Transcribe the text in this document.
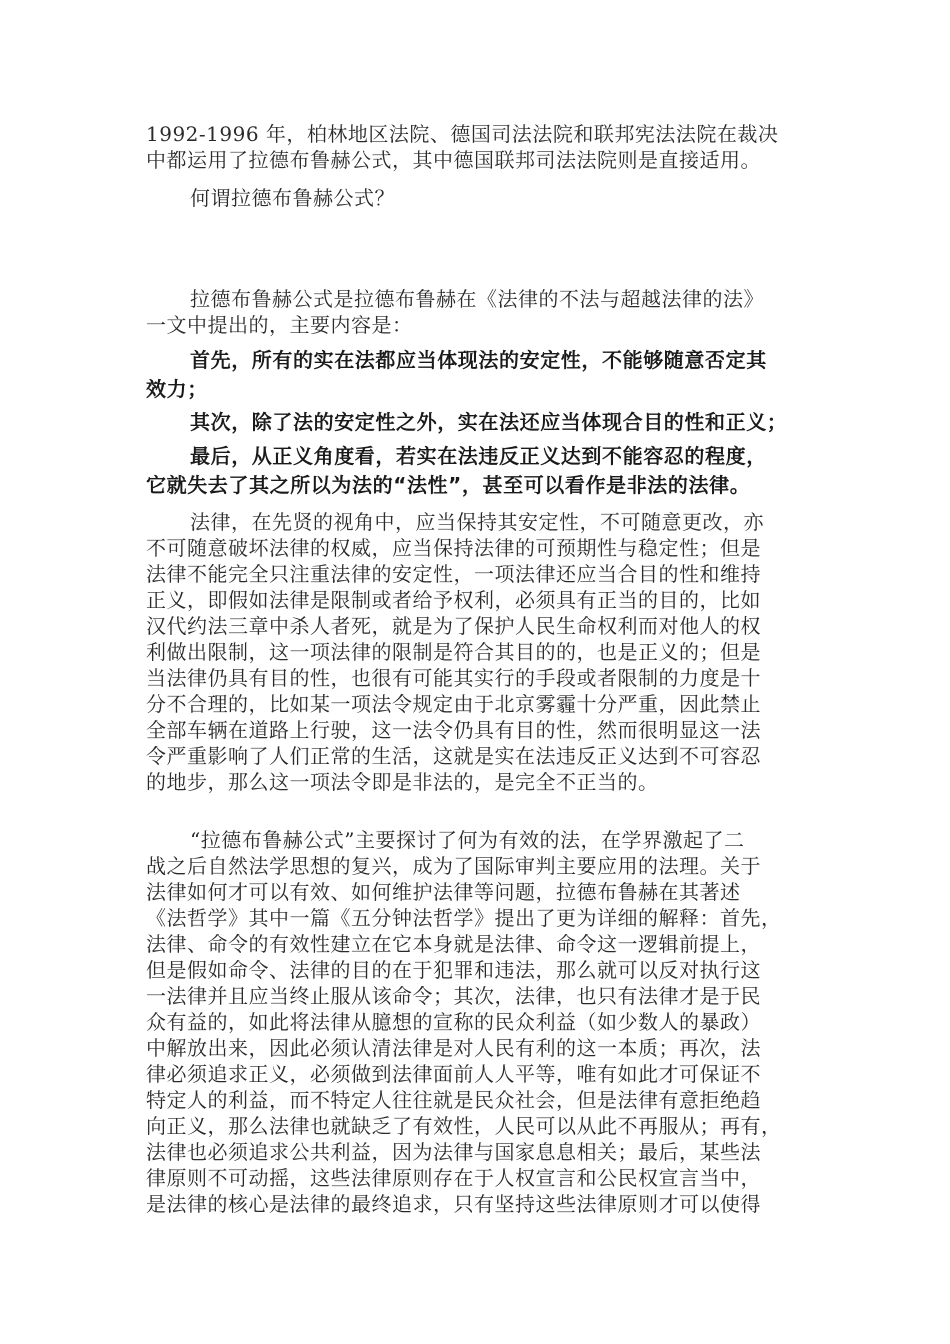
1992-1996 年，柏林地区法院、德国司法法院和联邦宪法法院在裁决
中都运用了拉德布鲁赫公式，其中德国联邦司法法院则是直接适用。
何谓拉德布鲁赫公式？
拉德布鲁赫公式是拉德布鲁赫在《法律的不法与超越法律的法》
一文中提出的，主要内容是：
首先，所有的实在法都应当体现法的安定性，不能够随意否定其
效力；
其次，除了法的安定性之外，实在法还应当体现合目的性和正义；
最后，从正义角度看，若实在法违反正义达到不能容忍的程度，
它就失去了其之所以为法的“法性”，甚至可以看作是非法的法律。
法律，在先贤的视角中，应当保持其安定性，不可随意更改，亦
不可随意破坏法律的权威，应当保持法律的可预期性与稳定性；但是
法律不能完全只注重法律的安定性，一项法律还应当合目的性和维持
正义，即假如法律是限制或者给予权利，必须具有正当的目的，比如
汉代约法三章中杀人者死，就是为了保护人民生命权利而对他人的权
利做出限制，这一项法律的限制是符合其目的的，也是正义的；但是
当法律仍具有目的性，也很有可能其实行的手段或者限制的力度是十
分不合理的，比如某一项法令规定由于北京雾霾十分严重，因此禁止
全部车辆在道路上行驶，这一法令仍具有目的性，然而很明显这一法
令严重影响了人们正常的生活，这就是实在法违反正义达到不可容忍
的地步，那么这一项法令即是非法的，是完全不正当的。
“拉德布鲁赫公式”主要探讨了何为有效的法，在学界激起了二
战之后自然法学思想的复兴，成为了国际审判主要应用的法理。关于
法律如何才可以有效、如何维护法律等问题，拉德布鲁赫在其著述
《法哲学》其中一篇《五分钟法哲学》提出了更为详细的解释：首先，
法律、命令的有效性建立在它本身就是法律、命令这一逻辑前提上，
但是假如命令、法律的目的在于犯罪和违法，那么就可以反对执行这
一法律并且应当终止服从该命令；其次，法律，也只有法律才是于民
众有益的，如此将法律从臆想的宣称的民众利益（如少数人的暴政）
中解放出来，因此必须认清法律是对人民有利的这一本质；再次，法
律必须追求正义，必须做到法律面前人人平等，唯有如此才可保证不
特定人的利益，而不特定人往往就是民众社会，但是法律有意拒绝趋
向正义，那么法律也就缺乏了有效性，人民可以从此不再服从；再有，
法律也必须追求公共利益，因为法律与国家息息相关；最后，某些法
律原则不可动摇，这些法律原则存在于人权宣言和公民权宣言当中，
是法律的核心是法律的最终追求，只有坚持这些法律原则才可以使得
